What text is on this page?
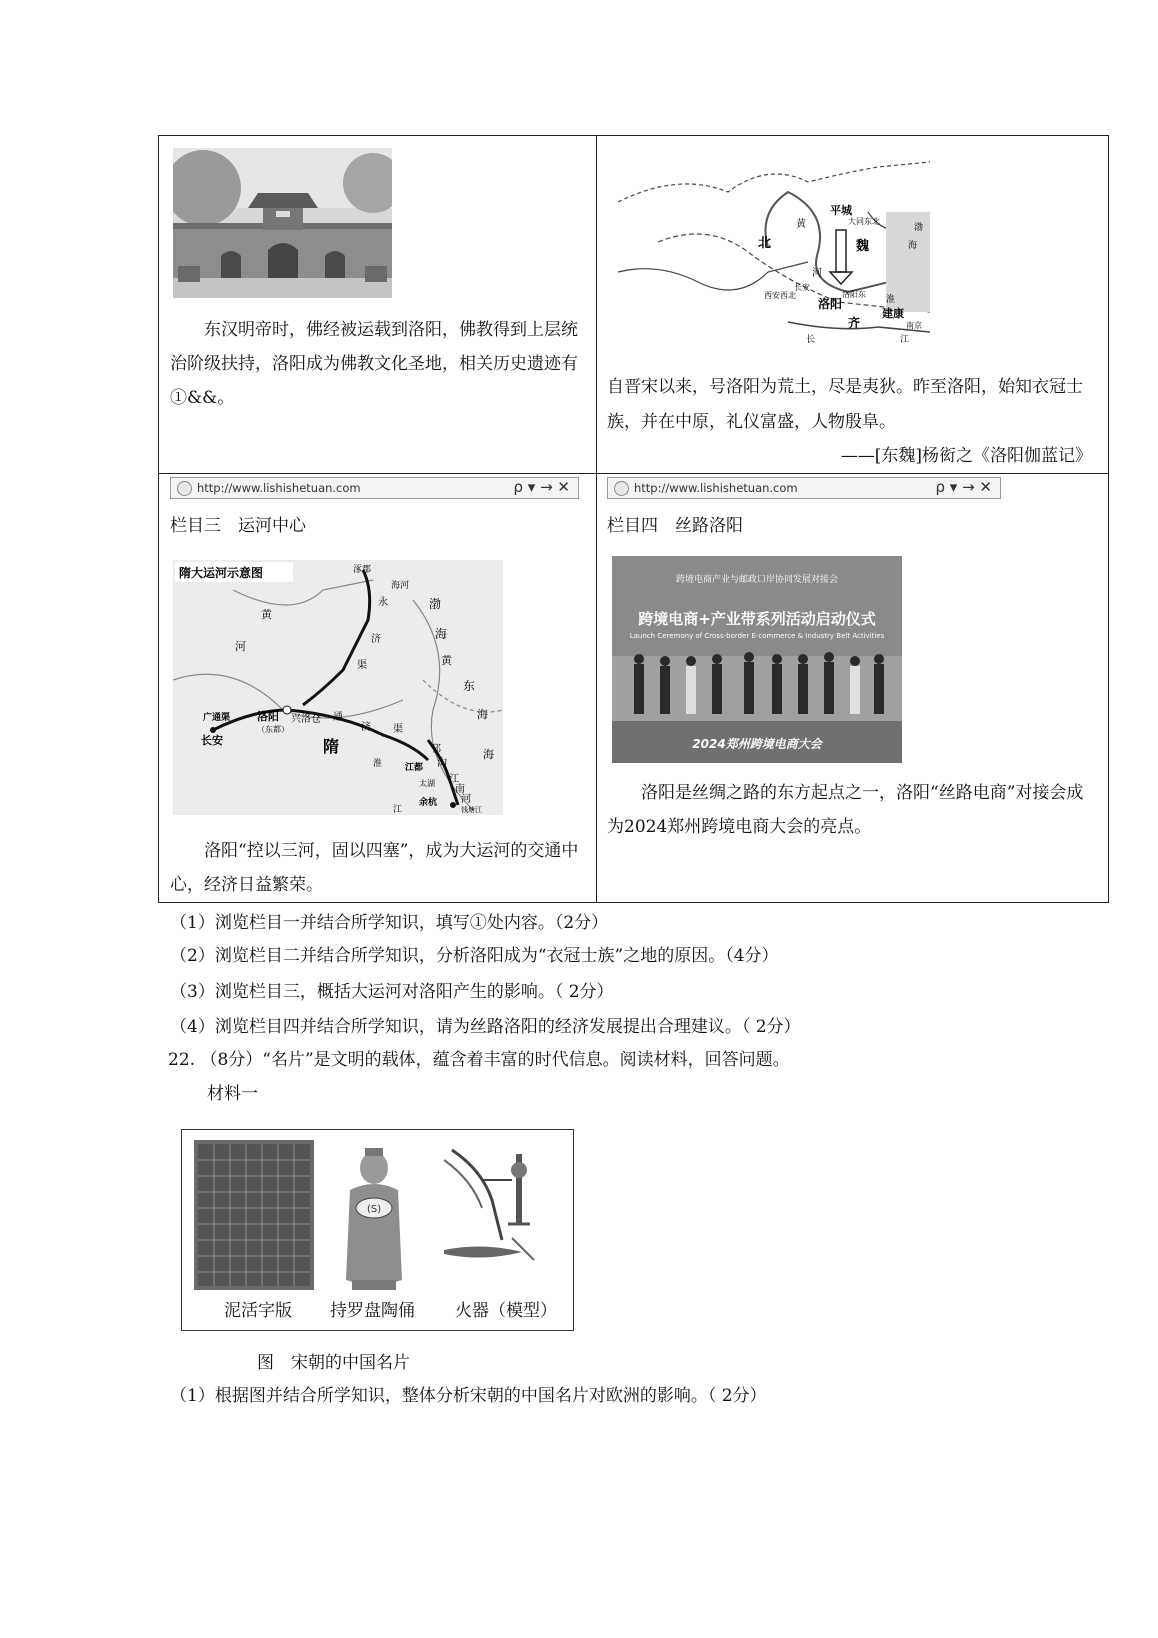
东汉明帝时，佛经被运载到洛阳，佛教得到上层统治阶级扶持，洛阳成为佛教文化圣地，相关历史遗迹有 ①&&。
平城
大同东北
北	魏
黄
河
长安
西安西北
洛阳
洛阳东
齐
建康
南京
淮
长	江
渤
海
自晋宋以来，号洛阳为荒土，尽是夷狄。昨至洛阳，始知衣冠士族，并在中原，礼仪富盛，人物殷阜。
——[东魏]杨衒之《洛阳伽蓝记》
http://www.lishishetuan.com	ρ ▾ → ✕
栏目三　运河中心
隋大运河示意图	涿郡
永
济
渠
海河
渤
海
黄
河
广通渠
长安
洛阳
（东都）
兴洛仓 通
济 渠
隋	邗
沟
江都
江
南
河
太湖
余杭
钱塘江
黄
东
海
海
淮
江
洛阳“控以三河，固以四塞”，成为大运河的交通中心，经济日益繁荣。
http://www.lishishetuan.com	ρ ▾ → ✕
栏目四　丝路洛阳
跨境电商产业与邮政口岸协同发展对接会
跨境电商+产业带系列活动启动仪式
Launch Ceremony of Cross-border E-commerce & Industry Belt Activities
2024郑州跨境电商大会
洛阳是丝绸之路的东方起点之一，洛阳“丝路电商”对接会成为2024郑州跨境电商大会的亮点。
（1）浏览栏目一并结合所学知识，填写①处内容。（2分）
（2）浏览栏目二并结合所学知识，分析洛阳成为“衣冠士族”之地的原因。（4分）
（3）浏览栏目三，概括大运河对洛阳产生的影响。（ 2分）
（4）浏览栏目四并结合所学知识，请为丝路洛阳的经济发展提出合理建议。（ 2分）
22. （8分）“名片”是文明的载体，蕴含着丰富的时代信息。阅读材料，回答问题。
材料一
(S)
泥活字版 持罗盘陶俑 火器（模型）
图　宋朝的中国名片
（1）根据图并结合所学知识，整体分析宋朝的中国名片对欧洲的影响。（ 2分）
